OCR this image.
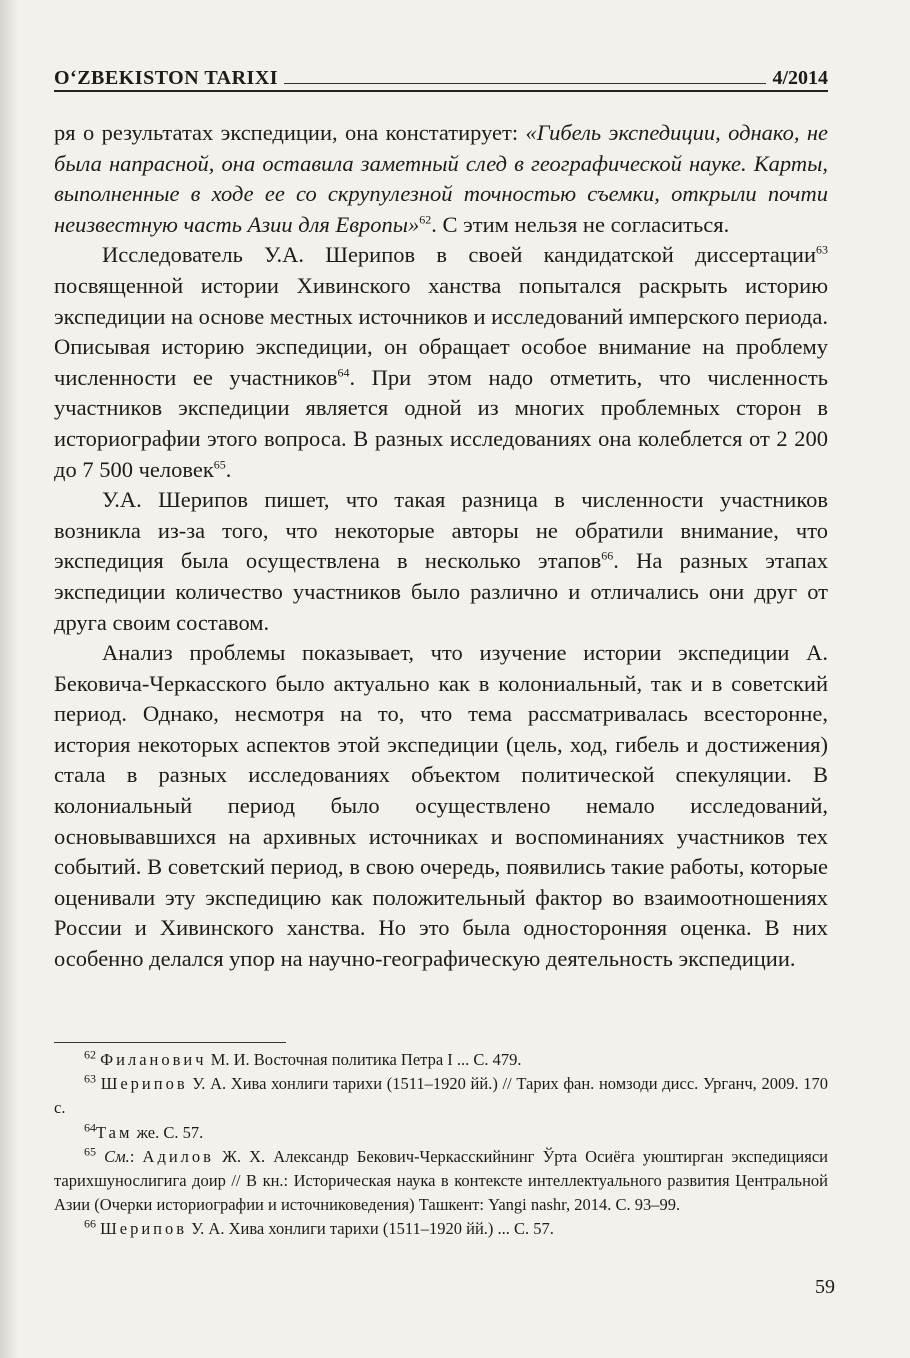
O‘ZBEKISTON TARIXI	4/2014

ря о результатах экспедиции, она констатирует: «Гибель экспедиции, однако, не была напрасной, она оставила заметный след в географической науке. Карты, выполненные в ходе ее со скрупулезной точностью съемки, открыли почти неизвестную часть Азии для Европы»$^{62}$. С этим нельзя не согласиться.

Исследователь У.А. Шерипов в своей кандидатской диссертации$^{63}$ посвященной истории Хивинского ханства попытался раскрыть историю экспедиции на основе местных источников и исследований имперского периода. Описывая историю экспедиции, он обращает особое внимание на проблему численности ее участников$^{64}$. При этом надо отметить, что численность участников экспедиции является одной из многих проблемных сторон в историографии этого вопроса. В разных исследованиях она колеблется от 2 200 до 7 500 человек$^{65}$.

У.А. Шерипов пишет, что такая разница в численности участников возникла из-за того, что некоторые авторы не обратили внимание, что экспедиция была осуществлена в несколько этапов$^{66}$. На разных этапах экспедиции количество участников было различно и отличались они друг от друга своим составом.

Анализ проблемы показывает, что изучение истории экспедиции А. Бековича-Черкасского было актуально как в колониальный, так и в советский период. Однако, несмотря на то, что тема рассматривалась всесторонне, история некоторых аспектов этой экспедиции (цель, ход, гибель и достижения) стала в разных исследованиях объектом политической спекуляции. В колониальный период было осуществлено немало исследований, основывавшихся на архивных источниках и воспоминаниях участников тех событий. В советский период, в свою очередь, появились такие работы, которые оценивали эту экспедицию как положительный фактор во взаимоотношениях России и Хивинского ханства. Но это была односторонняя оценка. В них особенно делался упор на научно-географическую деятельность экспедиции.

$^{62}$ Филанович М. И. Восточная политика Петра I ... С. 479.

$^{63}$ Шерипов У. А. Хива хонлиги тарихи (1511–1920 йй.) // Тарих фан. номзоди дисс. Урганч, 2009. 170 с.

$^{64}$Там же. С. 57.

$^{65}$ См.: Адилов Ж. Х. Александр Бекович-Черкасскийнинг Ўрта Осиёга уюштирган экспедицияси тарихшунослигига доир // В кн.: Историческая наука в контексте интеллектуального развития Центральной Азии (Очерки историографии и источниковедения) Ташкент: Yangi nashr, 2014. С. 93–99.

$^{66}$ Шерипов У. А. Хива хонлиги тарихи (1511–1920 йй.) ... С. 57.

59
